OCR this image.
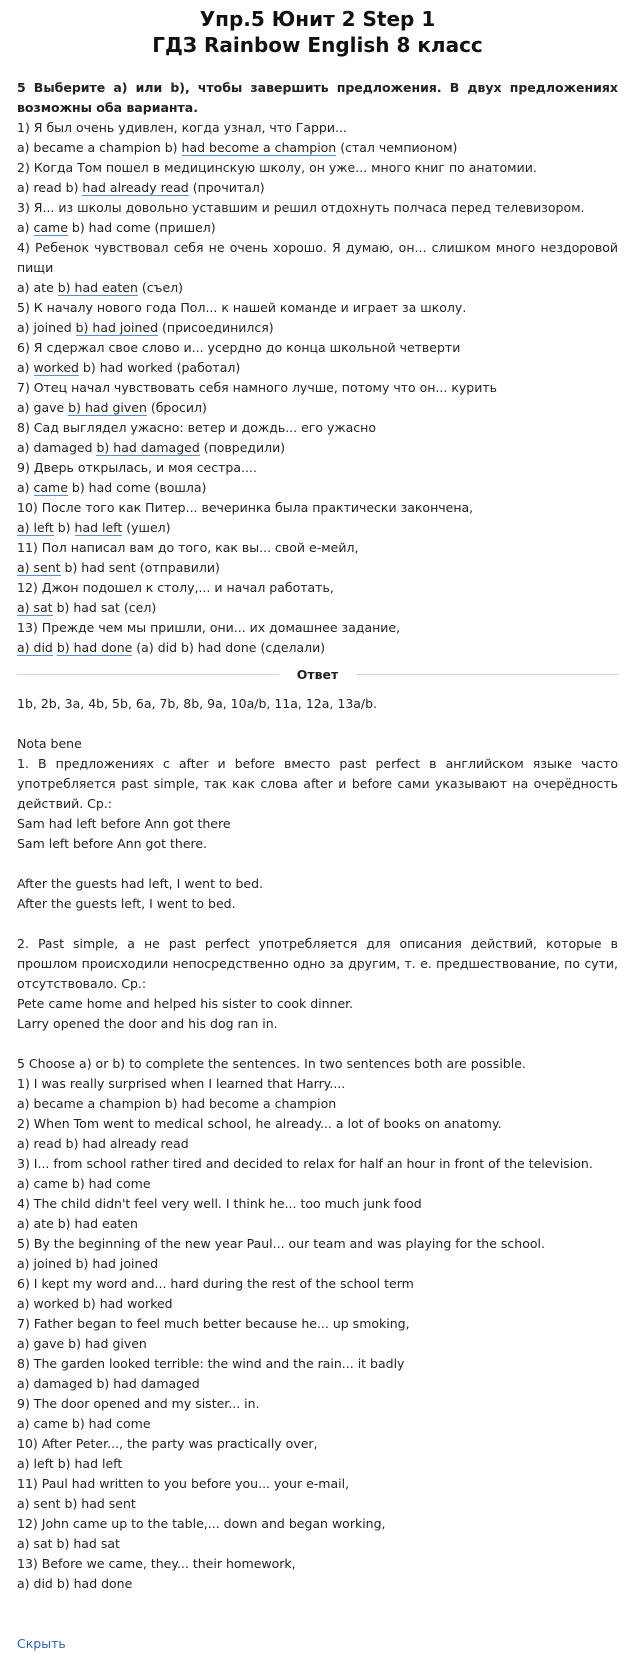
Упр.5 Юнит 2 Step 1
ГДЗ Rainbow English 8 класс
5 Выберите а) или b), чтобы завершить предложения. В двух предложениях возможны оба варианта.
1) Я был очень удивлен, когда узнал, что Гарри...
a) became a champion b) had become a champion (стал чемпионом)
2) Когда Том пошел в медицинскую школу, он уже... много книг по анатомии.
a) read b) had already read (прочитал)
3) Я... из школы довольно уставшим и решил отдохнуть полчаса перед телевизором.
a) came b) had come (пришел)
4) Ребенок чувствовал себя не очень хорошо. Я думаю, он... слишком много нездоровой пищи
a) ate b) had eaten (съел)
5) К началу нового года Пол... к нашей команде и играет за школу.
a) joined b) had joined (присоединился)
6) Я сдержал свое слово и... усердно до конца школьной четверти
a) worked b) had worked (работал)
7) Отец начал чувствовать себя намного лучше, потому что он... курить
a) gave b) had given (бросил)
8) Сад выглядел ужасно: ветер и дождь... его ужасно
a) damaged b) had damaged (повредили)
9) Дверь открылась, и моя сестра....
a) came b) had come (вошла)
10) После того как Питер... вечеринка была практически закончена,
a) left b) had left (ушел)
11) Пол написал вам до того, как вы... свой е-мейл,
a) sent b) had sent (отправили)
12) Джон подошел к столу,... и начал работать,
a) sat b) had sat (сел)
13) Прежде чем мы пришли, они... их домашнее задание,
a) did b) had done (a) did b) had done (сделали)
Ответ
1b, 2b, 3a, 4b, 5b, 6a, 7b, 8b, 9a, 10a/b, 11a, 12a, 13a/b.
Nota bene
1. В предложениях с after и before вместо past perfect в английском языке часто употребляется past simple, так как слова after и before сами указывают на очерёдность действий. Ср.:
Sam had left before Ann got there
Sam left before Ann got there.
After the guests had left, I went to bed.
After the guests left, I went to bed.
2. Past simple, а не past perfect употребляется для описания действий, которые в прошлом происходили непосредственно одно за другим, т. е. предшествование, по сути, отсутствовало. Ср.:
Pete came home and helped his sister to cook dinner.
Larry opened the door and his dog ran in.
5 Choose a) or b) to complete the sentences. In two sentences both are possible.
1) I was really surprised when I learned that Harry....
a) became a champion b) had become a champion
2) When Tom went to medical school, he already... a lot of books on anatomy.
a) read b) had already read
3) I... from school rather tired and decided to relax for half an hour in front of the television.
a) came b) had come
4) The child didn't feel very well. I think he... too much junk food
a) ate b) had eaten
5) By the beginning of the new year Paul... our team and was playing for the school.
a) joined b) had joined
6) I kept my word and... hard during the rest of the school term
a) worked b) had worked
7) Father began to feel much better because he... up smoking,
a) gave b) had given
8) The garden looked terrible: the wind and the rain... it badly
a) damaged b) had damaged
9) The door opened and my sister... in.
a) came b) had come
10) After Peter..., the party was practically over,
a) left b) had left
11) Paul had written to you before you... your e-mail,
a) sent b) had sent
12) John came up to the table,... down and began working,
a) sat b) had sat
13) Before we came, they... their homework,
a) did b) had done
Скрыть
